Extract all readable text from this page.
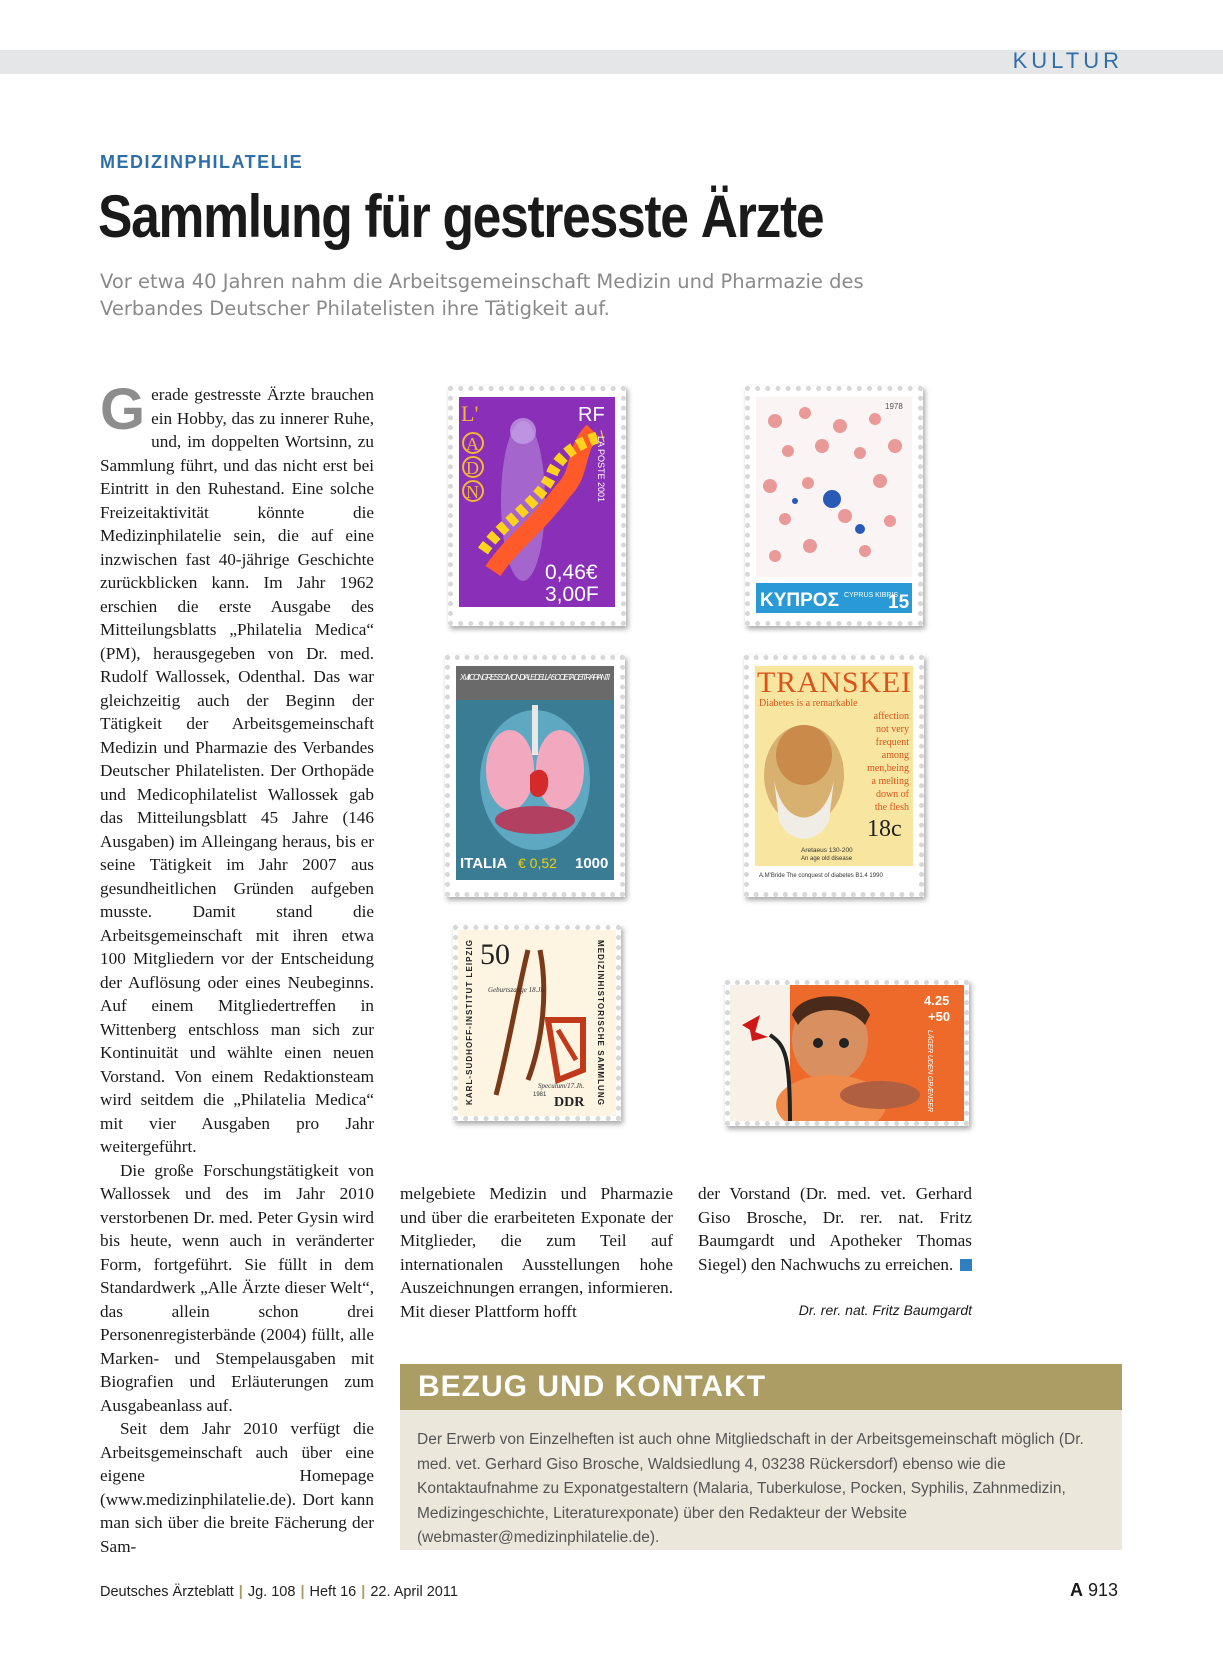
KULTUR
MEDIZINPHILATELIE
Sammlung für gestresste Ärzte
Vor etwa 40 Jahren nahm die Arbeitsgemeinschaft Medizin und Pharmazie des Verbandes Deutscher Philatelisten ihre Tätigkeit auf.

Gerade gestresste Ärzte brauchen ein Hobby, das zu innerer Ruhe, und, im doppelten Wortsinn, zu Sammlung führt, und das nicht erst bei Eintritt in den Ruhestand. Eine solche Freizeitaktivität könnte die Medizinphilatelie sein, die auf eine inzwischen fast 40-jährige Geschichte zurückblicken kann. Im Jahr 1962 erschien die erste Ausgabe des Mitteilungsblatts „Philatelia Medica“ (PM), herausgegeben von Dr. med. Rudolf Wallossek, Odenthal. Das war gleichzeitig auch der Beginn der Tätigkeit der Arbeitsgemeinschaft Medizin und Pharmazie des Verbandes Deutscher Philatelisten. Der Orthopäde und Medicophilatelist Wallossek gab das Mitteilungsblatt 45 Jahre (146 Ausgaben) im Alleingang heraus, bis er seine Tätigkeit im Jahr 2007 aus gesundheitlichen Gründen aufgeben musste. Damit stand die Arbeitsgemeinschaft mit ihren etwa 100 Mitgliedern vor der Entscheidung der Auflösung oder eines Neubeginns. Auf einem Mitgliedertreffen in Wittenberg entschloss man sich zur Kontinuität und wählte einen neuen Vorstand. Von einem Redaktionsteam wird seitdem die „Philatelia Medica“ mit vier Ausgaben pro Jahr weitergeführt.

Die große Forschungstätigkeit von Wallossek und des im Jahr 2010 verstorbenen Dr. med. Peter Gysin wird bis heute, wenn auch in veränderter Form, fortgeführt. Sie füllt in dem Standardwerk „Alle Ärzte dieser Welt“, das allein schon drei Personenregisterbände (2004) füllt, alle Marken- und Stempelausgaben mit Biografien und Erläuterungen zum Ausgabeanlass auf.

Seit dem Jahr 2010 verfügt die Arbeitsgemeinschaft auch über eine eigene Homepage (www.medizinphilatelie.de). Dort kann man sich über die breite Fächerung der Sam-

melgebiete Medizin und Pharmazie und über die erarbeiteten Exponate der Mitglieder, die zum Teil auf internationalen Ausstellungen hohe Auszeichnungen errangen, informieren. Mit dieser Plattform hofft

der Vorstand (Dr. med. vet. Gerhard Giso Brosche, Dr. rer. nat. Fritz Baumgardt und Apotheker Thomas Siegel) den Nachwuchs zu erreichen.

Dr. rer. nat. Fritz Baumgardt
L'
A
D
N
RF
LA POSTE 2001
0,46€
3,00F
1978
ΚΥΠΡΟΣ CYPRUS KIBRIS
15
XVIII CONGRESSO MONDIALE DELLA SOCIETA DEI TRAPIANTI
ITALIA € 0,52 1000
TRANSKEI
Diabetes is a remarkable
affection
not very
frequent
among
men,being
a melting
down of
the flesh
18c
Aretaeus 130-200
An age old disease
A.M'Bride The conquest of diabetes B1.4 1990
50
KARL-SUDHOFF-INSTITUT LEIPZIG	MEDIZINHISTORISCHE SAMMLUNG
Geburtszange 18.Jh.
Speculum/17.Jh.
DDR
1981
4.25
+50
LÄGER UDEN GRÆNSER
BEZUG UND KONTAKT
Der Erwerb von Einzelheften ist auch ohne Mitgliedschaft in der Arbeitsgemeinschaft möglich (Dr. med. vet. Gerhard Giso Brosche, Waldsiedlung 4, 03238 Rückersdorf) ebenso wie die Kontaktaufnahme zu Exponatgestaltern (Malaria, Tuberkulose, Pocken, Syphilis, Zahnmedizin, Medizingeschichte, Literaturexponate) über den Redakteur der Website (webmaster@medizinphilatelie.de).
Deutsches Ärzteblatt | Jg. 108 | Heft 16 | 22. April 2011	A 913
